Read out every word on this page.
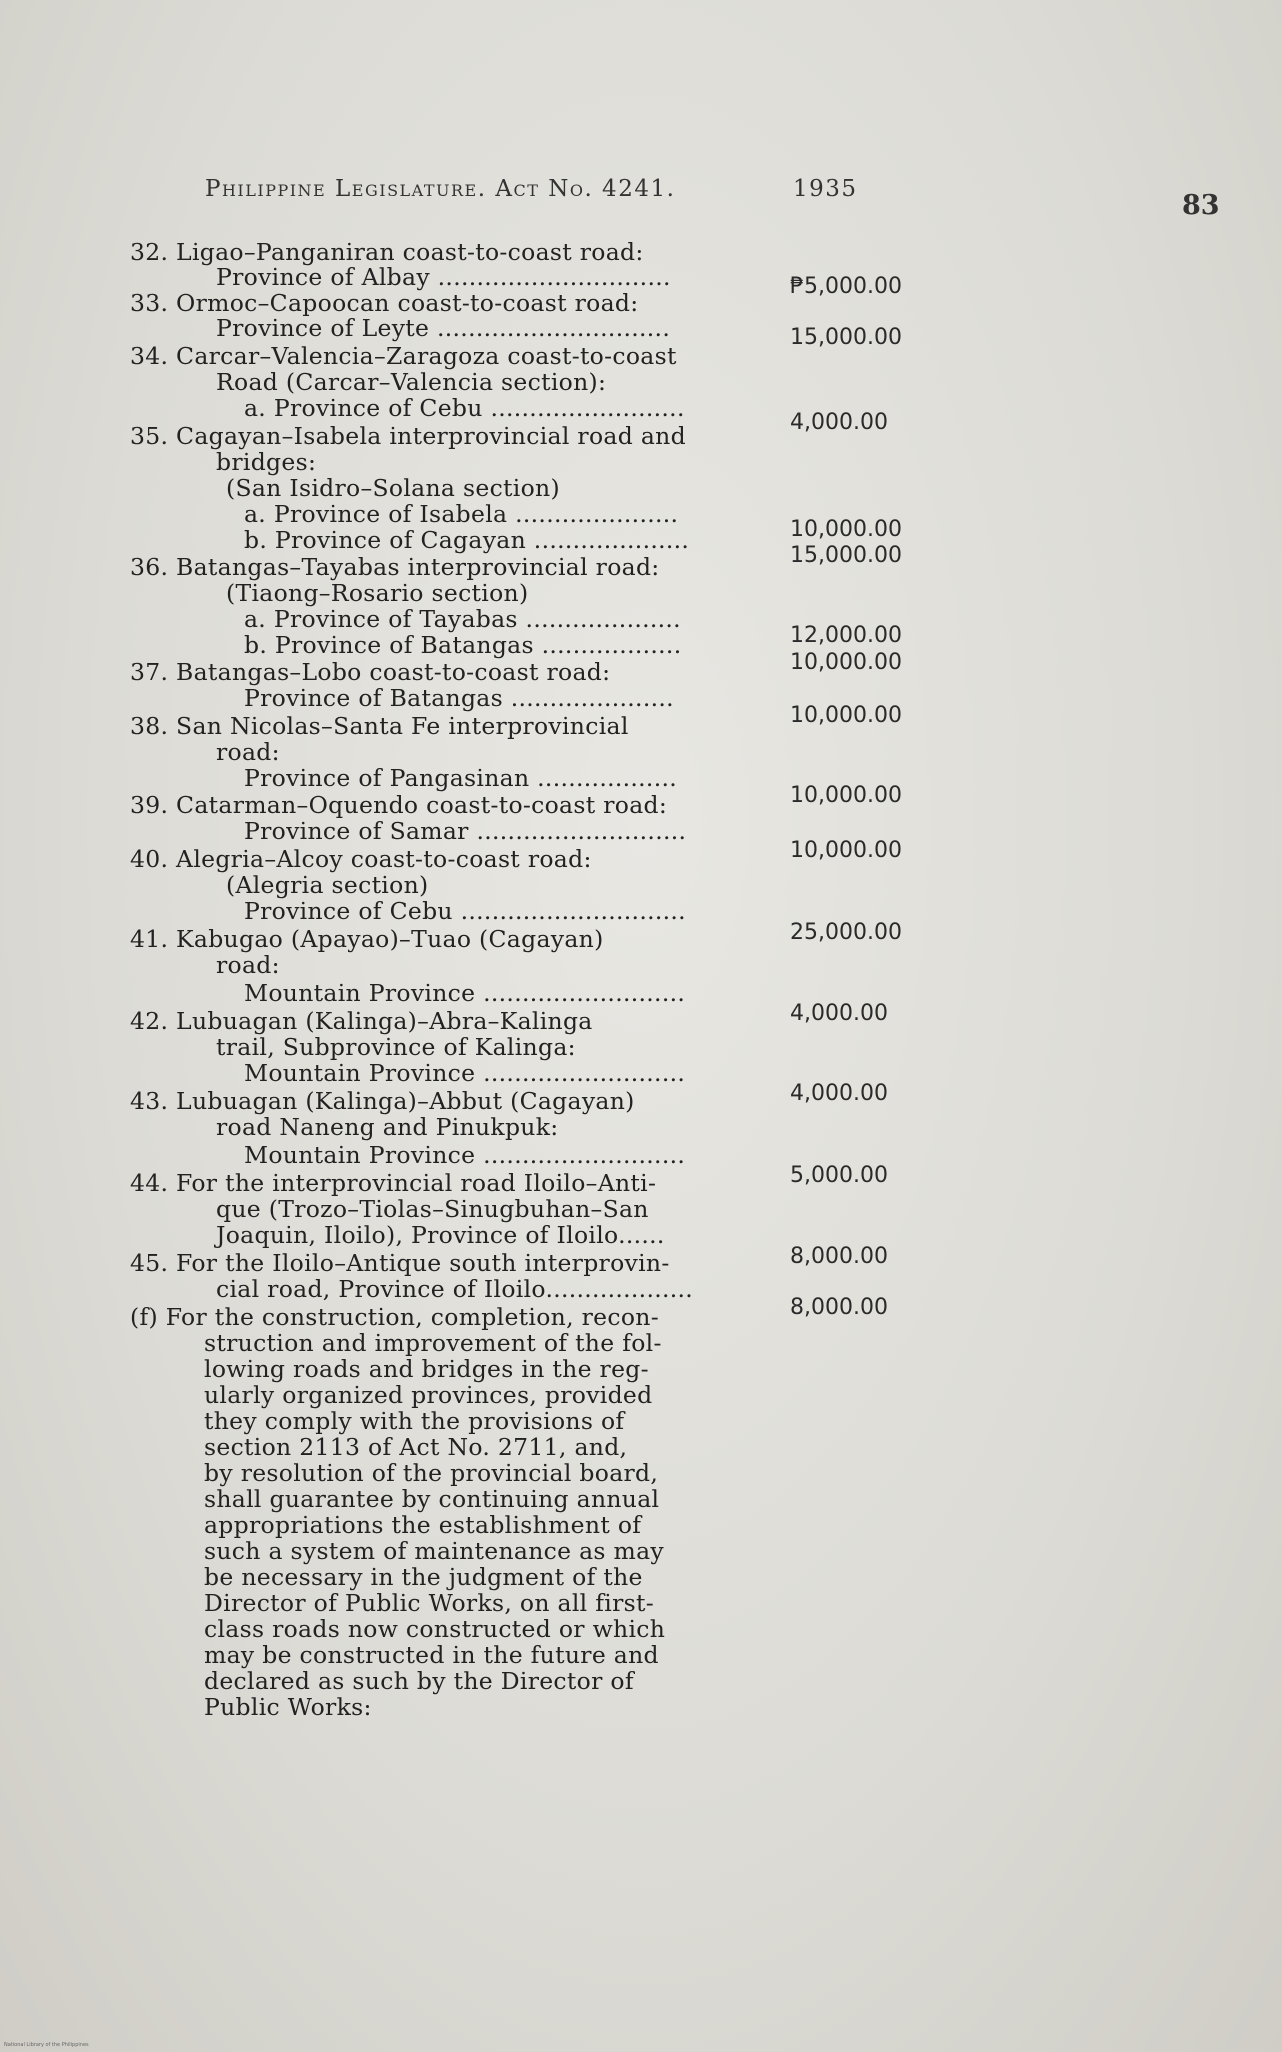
Philippine Legislature. Act No. 4241.	1935
83
32. Ligao–Panganiran coast-to-coast road:
Province of Albay ..............................
33. Ormoc–Capoocan coast-to-coast road:
Province of Leyte ..............................
34. Carcar–Valencia–Zaragoza coast-to-coast
Road (Carcar–Valencia section):
a. Province of Cebu .........................
35. Cagayan–Isabela interprovincial road and
bridges:
(San Isidro–Solana section)
a. Province of Isabela .....................
b. Province of Cagayan ....................
36. Batangas–Tayabas interprovincial road:
(Tiaong–Rosario section)
a. Province of Tayabas ....................
b. Province of Batangas ..................
37. Batangas–Lobo coast-to-coast road:
Province of Batangas .....................
38. San Nicolas–Santa Fe interprovincial
road:
Province of Pangasinan ..................
39. Catarman–Oquendo coast-to-coast road:
Province of Samar ...........................
40. Alegria–Alcoy coast-to-coast road:
(Alegria section)
Province of Cebu .............................
41. Kabugao (Apayao)–Tuao (Cagayan)
road:
Mountain Province ..........................
42. Lubuagan (Kalinga)–Abra–Kalinga
trail, Subprovince of Kalinga:
Mountain Province ..........................
43. Lubuagan (Kalinga)–Abbut (Cagayan)
road Naneng and Pinukpuk:
Mountain Province ..........................
44. For the interprovincial road Iloilo–Anti-
que (Trozo–Tiolas–Sinugbuhan–San
Joaquin, Iloilo), Province of Iloilo......
45. For the Iloilo–Antique south interprovin-
cial road, Province of Iloilo...................
(f) For the construction, completion, recon-
struction and improvement of the fol-
lowing roads and bridges in the reg-
ularly organized provinces, provided
they comply with the provisions of
section 2113 of Act No. 2711, and,
by resolution of the provincial board,
shall guarantee by continuing annual
appropriations the establishment of
such a system of maintenance as may
be necessary in the judgment of the
Director of Public Works, on all first-
class roads now constructed or which
may be constructed in the future and
declared as such by the Director of
Public Works:
₱5,000.00
15,000.00
4,000.00
10,000.00
15,000.00
12,000.00
10,000.00
10,000.00
10,000.00
10,000.00
25,000.00
4,000.00
4,000.00
5,000.00
8,000.00
8,000.00
National Library of the Philippines
